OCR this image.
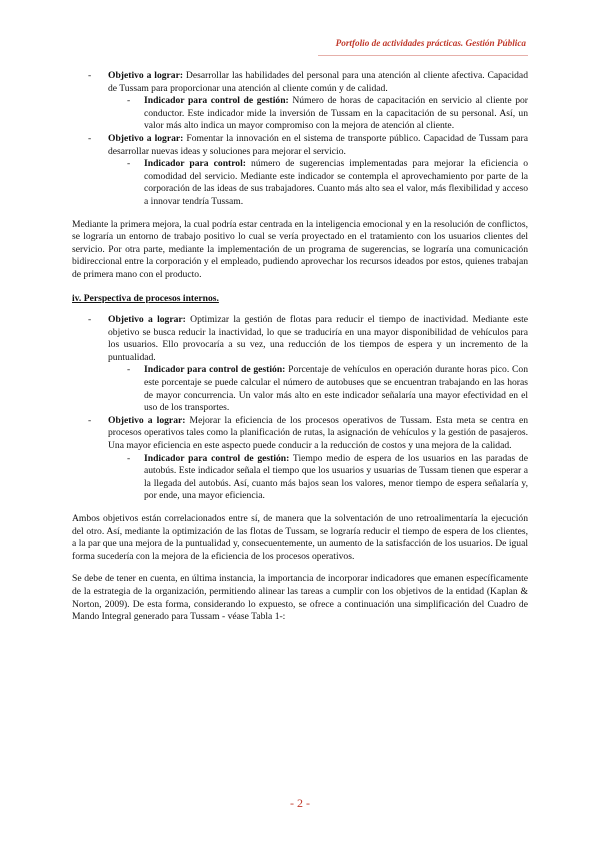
Portfolio de actividades prácticas. Gestión Pública
- Objetivo a lograr: Desarrollar las habilidades del personal para una atención al cliente afectiva. Capacidad de Tussam para proporcionar una atención al cliente común y de calidad.
- Indicador para control de gestión: Número de horas de capacitación en servicio al cliente por conductor. Este indicador mide la inversión de Tussam en la capacitación de su personal. Así, un valor más alto indica un mayor compromiso con la mejora de atención al cliente.
- Objetivo a lograr: Fomentar la innovación en el sistema de transporte público. Capacidad de Tussam para desarrollar nuevas ideas y soluciones para mejorar el servicio.
- Indicador para control: número de sugerencias implementadas para mejorar la eficiencia o comodidad del servicio. Mediante este indicador se contempla el aprovechamiento por parte de la corporación de las ideas de sus trabajadores. Cuanto más alto sea el valor, más flexibilidad y acceso a innovar tendría Tussam.

Mediante la primera mejora, la cual podría estar centrada en la inteligencia emocional y en la resolución de conflictos, se lograría un entorno de trabajo positivo lo cual se vería proyectado en el tratamiento con los usuarios clientes del servicio. Por otra parte, mediante la implementación de un programa de sugerencias, se lograría una comunicación bidireccional entre la corporación y el empleado, pudiendo aprovechar los recursos ideados por estos, quienes trabajan de primera mano con el producto.

iv. Perspectiva de procesos internos.
- Objetivo a lograr: Optimizar la gestión de flotas para reducir el tiempo de inactividad. Mediante este objetivo se busca reducir la inactividad, lo que se traduciría en una mayor disponibilidad de vehículos para los usuarios. Ello provocaría a su vez, una reducción de los tiempos de espera y un incremento de la puntualidad.
- Indicador para control de gestión: Porcentaje de vehículos en operación durante horas pico. Con este porcentaje se puede calcular el número de autobuses que se encuentran trabajando en las horas de mayor concurrencia. Un valor más alto en este indicador señalaría una mayor efectividad en el uso de los transportes.
- Objetivo a lograr: Mejorar la eficiencia de los procesos operativos de Tussam. Esta meta se centra en procesos operativos tales como la planificación de rutas, la asignación de vehículos y la gestión de pasajeros. Una mayor eficiencia en este aspecto puede conducir a la reducción de costos y una mejora de la calidad.
- Indicador para control de gestión: Tiempo medio de espera de los usuarios en las paradas de autobús. Este indicador señala el tiempo que los usuarios y usuarias de Tussam tienen que esperar a la llegada del autobús. Así, cuanto más bajos sean los valores, menor tiempo de espera señalaría y, por ende, una mayor eficiencia.

Ambos objetivos están correlacionados entre sí, de manera que la solventación de uno retroalimentaría la ejecución del otro. Así, mediante la optimización de las flotas de Tussam, se lograría reducir el tiempo de espera de los clientes, a la par que una mejora de la puntualidad y, consecuentemente, un aumento de la satisfacción de los usuarios. De igual forma sucedería con la mejora de la eficiencia de los procesos operativos.

Se debe de tener en cuenta, en última instancia, la importancia de incorporar indicadores que emanen específicamente de la estrategia de la organización, permitiendo alinear las tareas a cumplir con los objetivos de la entidad (Kaplan & Norton, 2009). De esta forma, considerando lo expuesto, se ofrece a continuación una simplificación del Cuadro de Mando Integral generado para Tussam - véase Tabla 1-:

- 2 -
